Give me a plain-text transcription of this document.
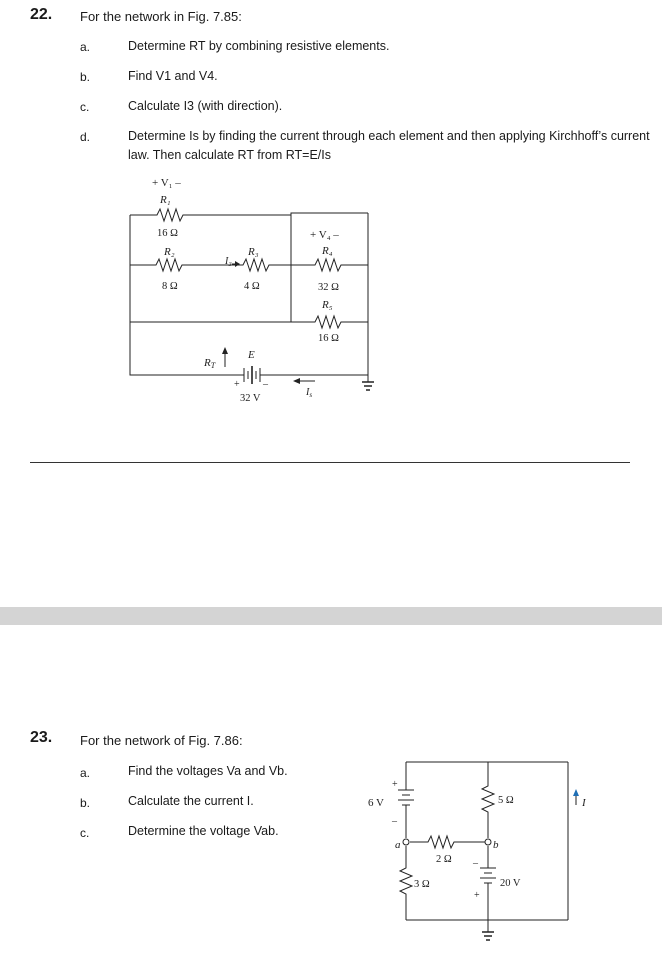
22. For the network in Fig. 7.85:
a.	Determine RT by combining resistive elements.
b.	Find V1 and V4.
c.	Calculate I3 (with direction).
d.	Determine Is by finding the current through each element and then applying Kirchhoff’s current law. Then calculate RT from RT=E/Is
+ V₁ –
R₁
16 Ω
R₂
8 Ω
I₃
R₃
4 Ω
+ V₄ –
R₄
32 Ω
R₅
16 Ω
RT
E
+ –
32 V
$I_s$
23. For the network of Fig. 7.86:
a.	Find the voltages Va and Vb.
b.	Calculate the current I.
c.	Determine the voltage Vab.
6 V
+
–
a	b
2 Ω
3 Ω
5 Ω
20 V
–
+
I
